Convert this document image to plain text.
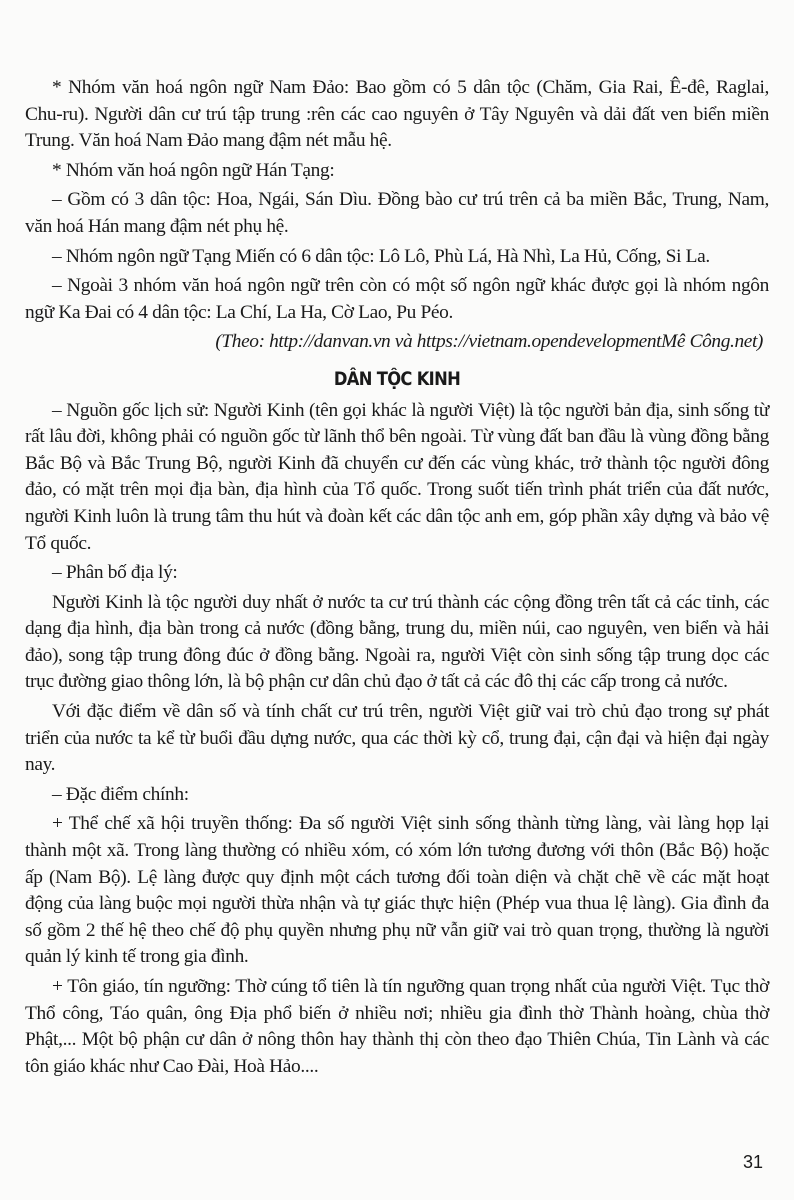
* Nhóm văn hoá ngôn ngữ Nam Đảo: Bao gồm có 5 dân tộc (Chăm, Gia Rai, Ê-đê, Raglai, Chu-ru). Người dân cư trú tập trung :rên các cao nguyên ở Tây Nguyên và dải đất ven biển miền Trung. Văn hoá Nam Đảo mang đậm nét mẫu hệ.

* Nhóm văn hoá ngôn ngữ Hán Tạng:

– Gồm có 3 dân tộc: Hoa, Ngái, Sán Dìu. Đồng bào cư trú trên cả ba miền Bắc, Trung, Nam, văn hoá Hán mang đậm nét phụ hệ.

– Nhóm ngôn ngữ Tạng Miến có 6 dân tộc: Lô Lô, Phù Lá, Hà Nhì, La Hủ, Cống, Si La.

– Ngoài 3 nhóm văn hoá ngôn ngữ trên còn có một số ngôn ngữ khác được gọi là nhóm ngôn ngữ Ka Đai có 4 dân tộc: La Chí, La Ha, Cờ Lao, Pu Péo.

(Theo: http://danvan.vn và https://vietnam.opendevelopmentMê Công.net)

DÂN TỘC KINH

– Nguồn gốc lịch sử: Người Kinh (tên gọi khác là người Việt) là tộc người bản địa, sinh sống từ rất lâu đời, không phải có nguồn gốc từ lãnh thổ bên ngoài. Từ vùng đất ban đầu là vùng đồng bằng Bắc Bộ và Bắc Trung Bộ, người Kinh đã chuyển cư đến các vùng khác, trở thành tộc người đông đảo, có mặt trên mọi địa bàn, địa hình của Tổ quốc. Trong suốt tiến trình phát triển của đất nước, người Kinh luôn là trung tâm thu hút và đoàn kết các dân tộc anh em, góp phần xây dựng và bảo vệ Tổ quốc.

– Phân bố địa lý:

Người Kinh là tộc người duy nhất ở nước ta cư trú thành các cộng đồng trên tất cả các tỉnh, các dạng địa hình, địa bàn trong cả nước (đồng bằng, trung du, miền núi, cao nguyên, ven biển và hải đảo), song tập trung đông đúc ở đồng bằng. Ngoài ra, người Việt còn sinh sống tập trung dọc các trục đường giao thông lớn, là bộ phận cư dân chủ đạo ở tất cả các đô thị các cấp trong cả nước.

Với đặc điểm về dân số và tính chất cư trú trên, người Việt giữ vai trò chủ đạo trong sự phát triển của nước ta kể từ buổi đầu dựng nước, qua các thời kỳ cổ, trung đại, cận đại và hiện đại ngày nay.

– Đặc điểm chính:

+ Thể chế xã hội truyền thống: Đa số người Việt sinh sống thành từng làng, vài làng họp lại thành một xã. Trong làng thường có nhiều xóm, có xóm lớn tương đương với thôn (Bắc Bộ) hoặc ấp (Nam Bộ). Lệ làng được quy định một cách tương đối toàn diện và chặt chẽ về các mặt hoạt động của làng buộc mọi người thừa nhận và tự giác thực hiện (Phép vua thua lệ làng). Gia đình đa số gồm 2 thế hệ theo chế độ phụ quyền nhưng phụ nữ vẫn giữ vai trò quan trọng, thường là người quản lý kinh tế trong gia đình.

+ Tôn giáo, tín ngưỡng: Thờ cúng tổ tiên là tín ngưỡng quan trọng nhất của người Việt. Tục thờ Thổ công, Táo quân, ông Địa phổ biến ở nhiều nơi; nhiều gia đình thờ Thành hoàng, chùa thờ Phật,... Một bộ phận cư dân ở nông thôn hay thành thị còn theo đạo Thiên Chúa, Tin Lành và các tôn giáo khác như Cao Đài, Hoà Hảo....

31
